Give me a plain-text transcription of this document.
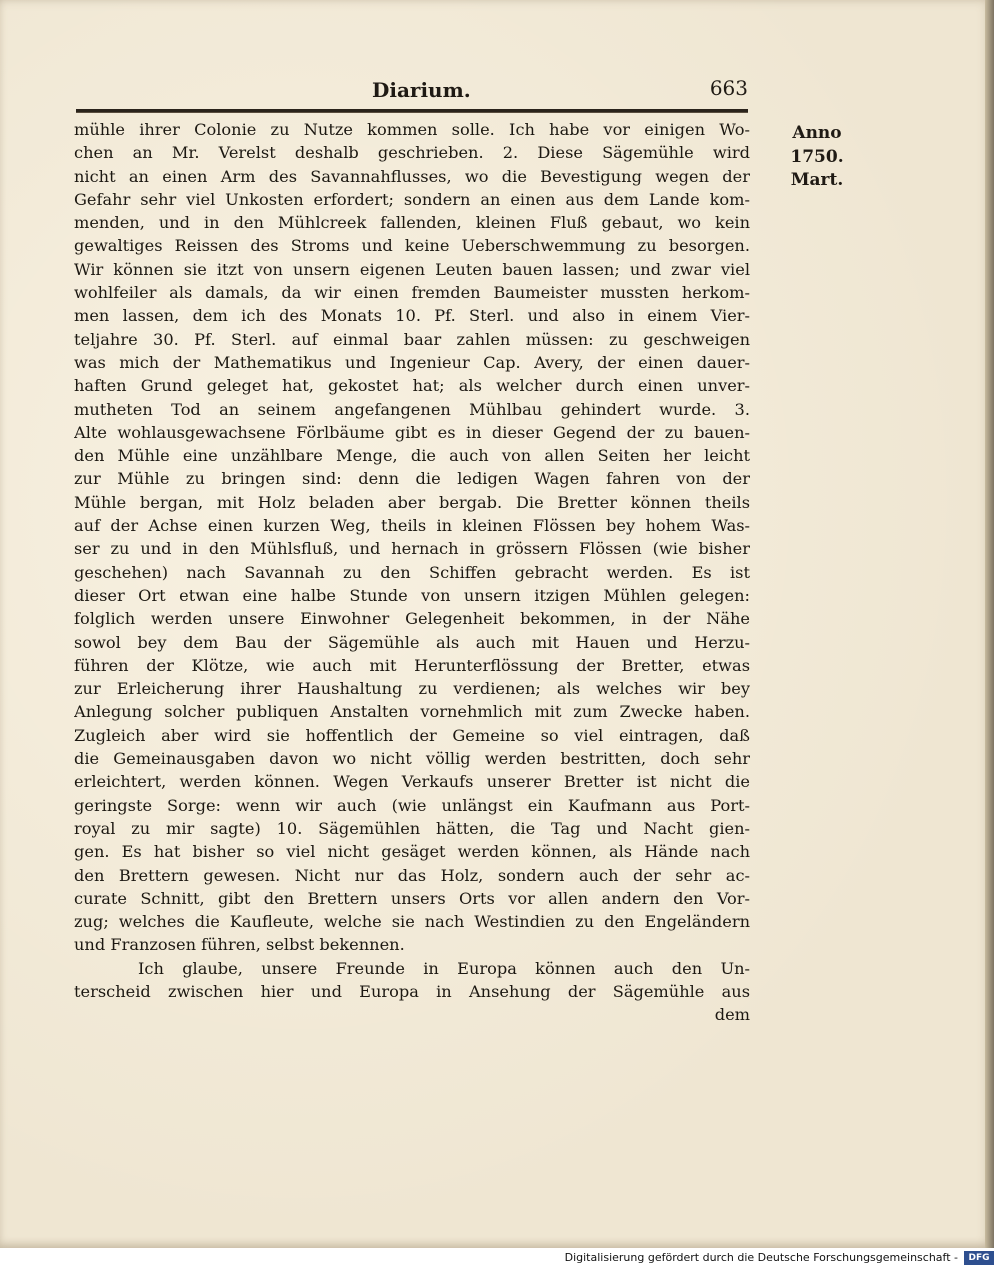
Diarium.	663
Anno
1750.
Mart.
mühle ihrer Colonie zu Nutze kommen solle. Ich habe vor einigen Wo-
chen an Mr. Verelst deshalb geschrieben. 2. Diese Sägemühle wird
nicht an einen Arm des Savannahflusses, wo die Bevestigung wegen der
Gefahr sehr viel Unkosten erfordert; sondern an einen aus dem Lande kom-
menden, und in den Mühlcreek fallenden, kleinen Fluß gebaut, wo kein
gewaltiges Reissen des Stroms und keine Ueberschwemmung zu besorgen.
Wir können sie itzt von unsern eigenen Leuten bauen lassen; und zwar viel
wohlfeiler als damals, da wir einen fremden Baumeister mussten herkom-
men lassen, dem ich des Monats 10. Pf. Sterl. und also in einem Vier-
teljahre 30. Pf. Sterl. auf einmal baar zahlen müssen: zu geschweigen
was mich der Mathematikus und Ingenieur Cap. Avery, der einen dauer-
haften Grund geleget hat, gekostet hat; als welcher durch einen unver-
mutheten Tod an seinem angefangenen Mühlbau gehindert wurde. 3.
Alte wohlausgewachsene Förlbäume gibt es in dieser Gegend der zu bauen-
den Mühle eine unzählbare Menge, die auch von allen Seiten her leicht
zur Mühle zu bringen sind: denn die ledigen Wagen fahren von der
Mühle bergan, mit Holz beladen aber bergab. Die Bretter können theils
auf der Achse einen kurzen Weg, theils in kleinen Flössen bey hohem Was-
ser zu und in den Mühlsfluß, und hernach in grössern Flössen (wie bisher
geschehen) nach Savannah zu den Schiffen gebracht werden. Es ist
dieser Ort etwan eine halbe Stunde von unsern itzigen Mühlen gelegen:
folglich werden unsere Einwohner Gelegenheit bekommen, in der Nähe
sowol bey dem Bau der Sägemühle als auch mit Hauen und Herzu-
führen der Klötze, wie auch mit Herunterflössung der Bretter, etwas
zur Erleicherung ihrer Haushaltung zu verdienen; als welches wir bey
Anlegung solcher publiquen Anstalten vornehmlich mit zum Zwecke haben.
Zugleich aber wird sie hoffentlich der Gemeine so viel eintragen, daß
die Gemeinausgaben davon wo nicht völlig werden bestritten, doch sehr
erleichtert, werden können. Wegen Verkaufs unserer Bretter ist nicht die
geringste Sorge: wenn wir auch (wie unlängst ein Kaufmann aus Port-
royal zu mir sagte) 10. Sägemühlen hätten, die Tag und Nacht gien-
gen. Es hat bisher so viel nicht gesäget werden können, als Hände nach
den Brettern gewesen. Nicht nur das Holz, sondern auch der sehr ac-
curate Schnitt, gibt den Brettern unsers Orts vor allen andern den Vor-
zug; welches die Kaufleute, welche sie nach Westindien zu den Engeländern
und Franzosen führen, selbst bekennen.
Ich glaube, unsere Freunde in Europa können auch den Un-
terscheid zwischen hier und Europa in Ansehung der Sägemühle aus
dem
Digitalisierung gefördert durch die Deutsche Forschungsgemeinschaft -	DFG
